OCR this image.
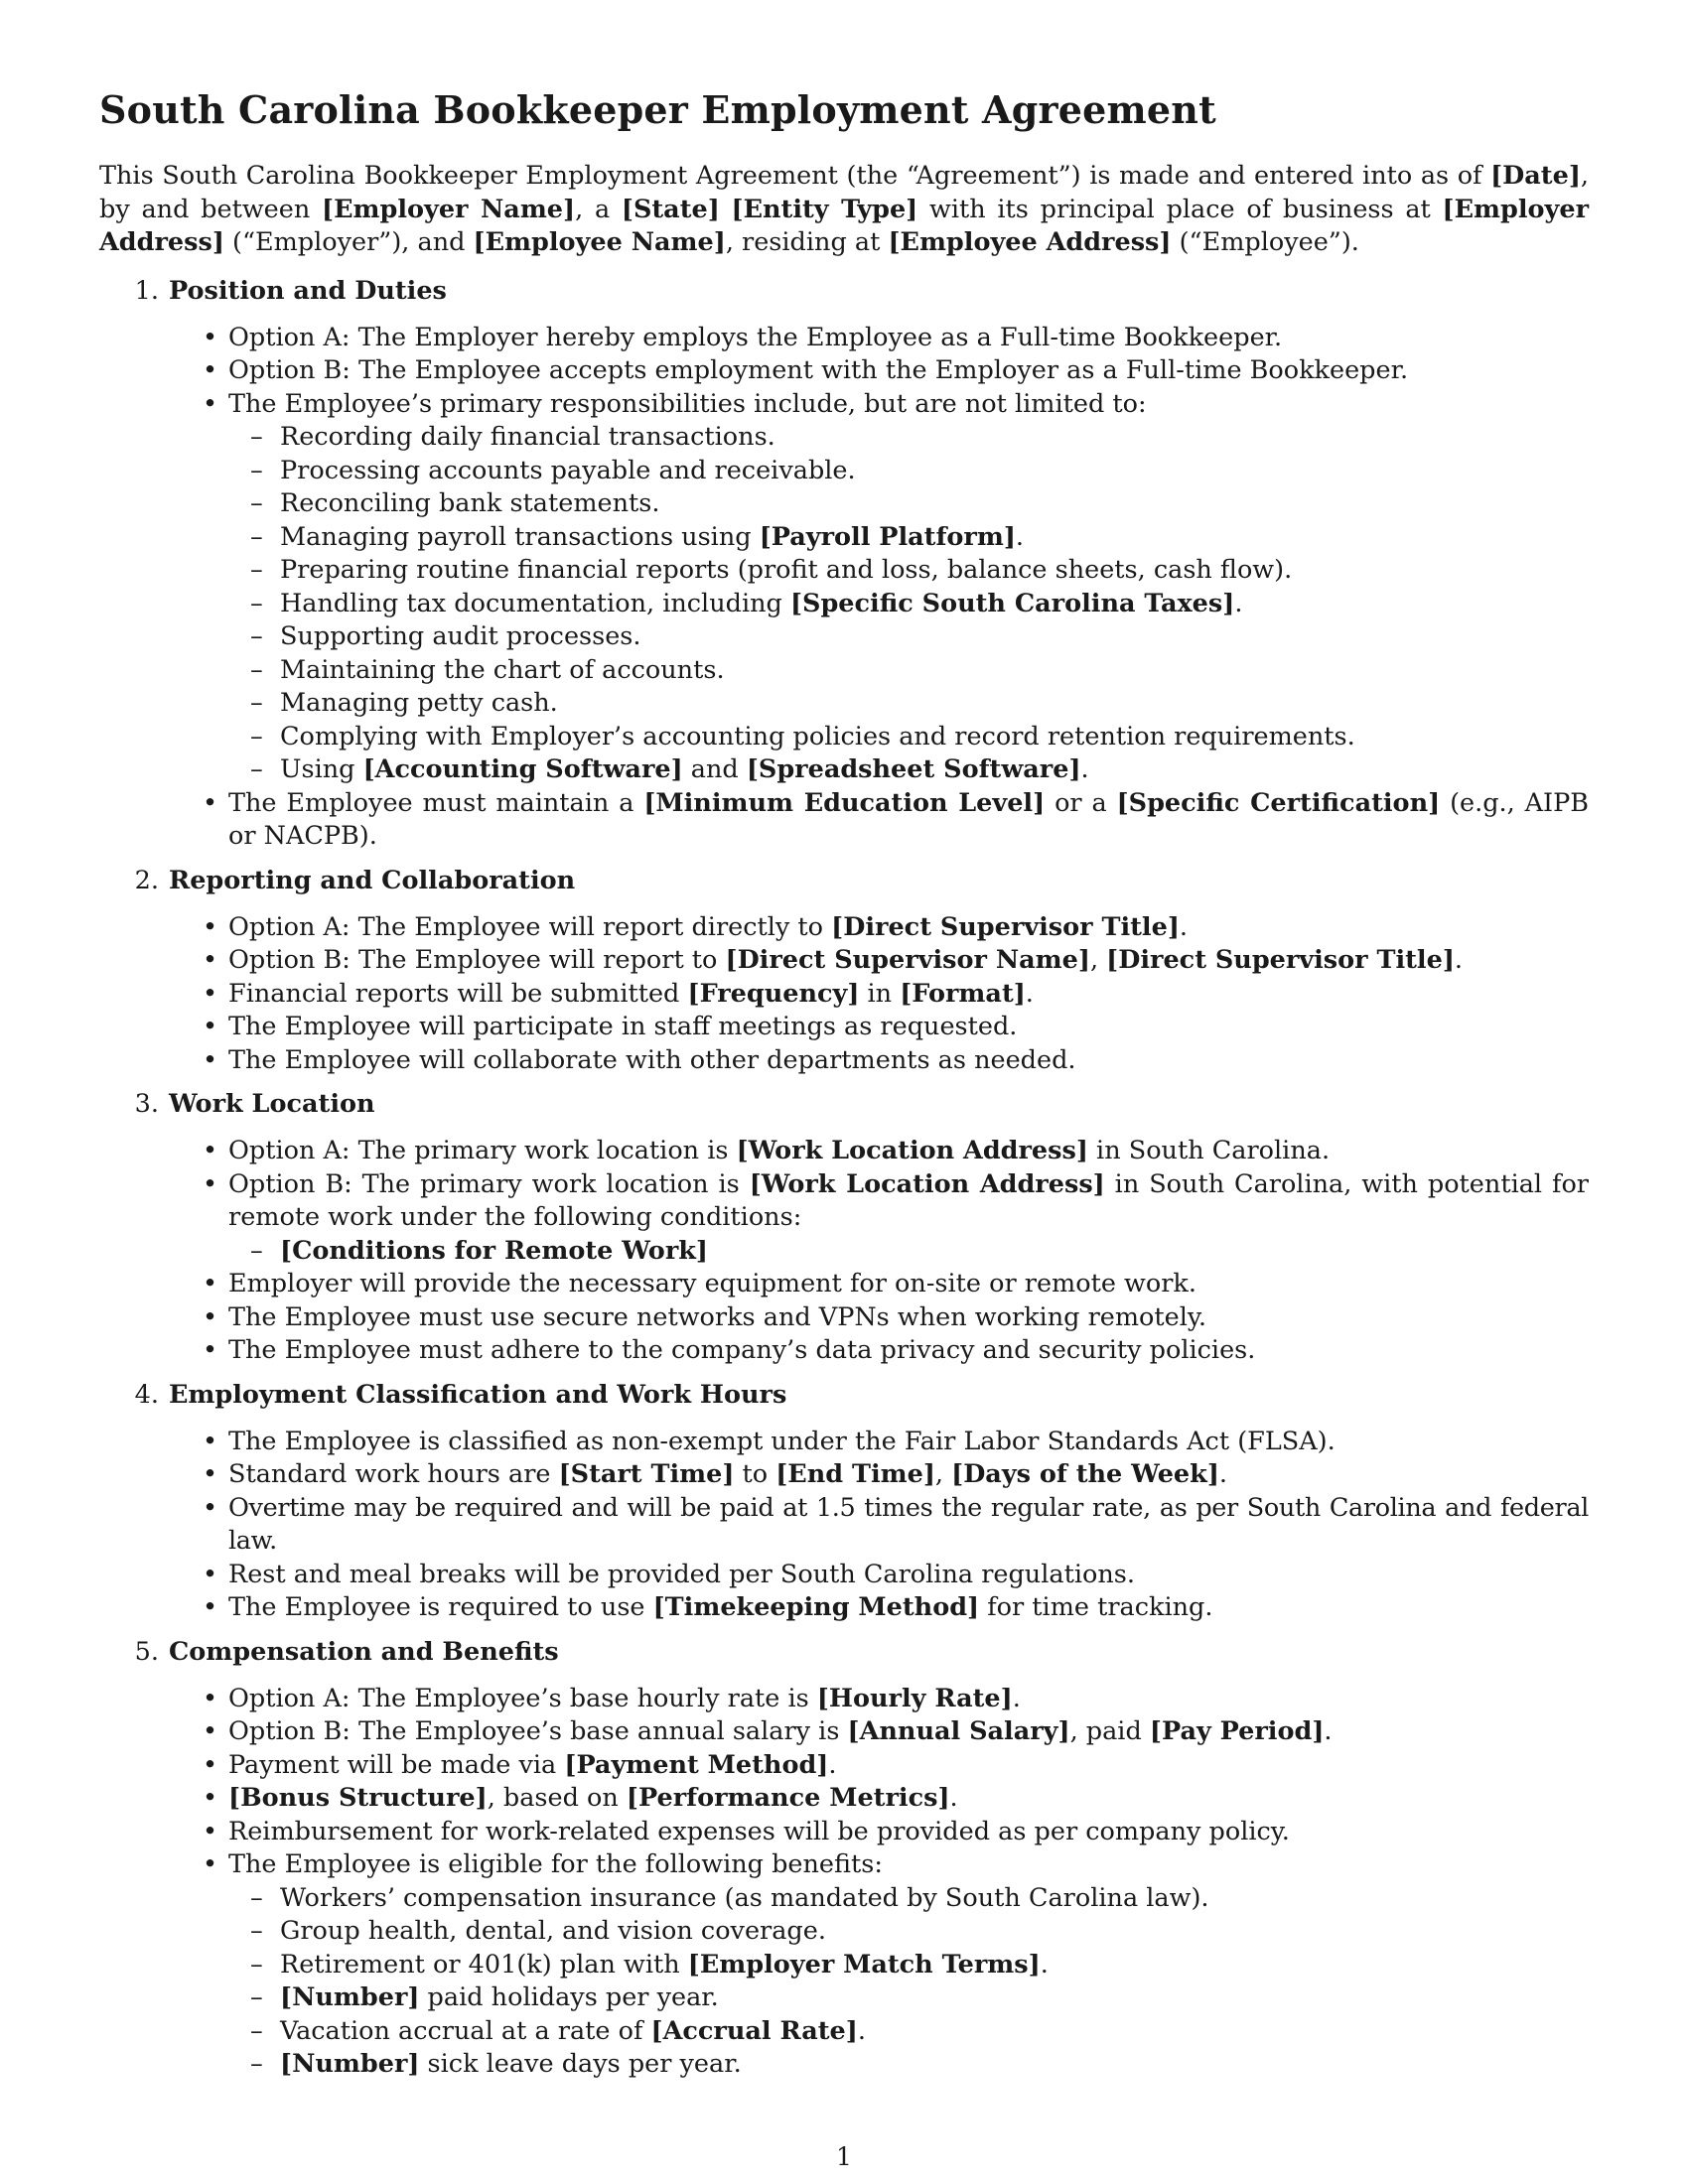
South Carolina Bookkeeper Employment Agreement

This South Carolina Bookkeeper Employment Agreement (the “Agreement”) is made and entered into as of [Date], by and between [Employer Name], a [State] [Entity Type] with its principal place of business at [Employer Address] (“Employer”), and [Employee Name], residing at [Employee Address] (“Employee”).

1. Position and Duties
• Option A: The Employer hereby employs the Employee as a Full-time Bookkeeper.
• Option B: The Employee accepts employment with the Employer as a Full-time Bookkeeper.
• The Employee’s primary responsibilities include, but are not limited to:
– Recording daily financial transactions.
– Processing accounts payable and receivable.
– Reconciling bank statements.
– Managing payroll transactions using [Payroll Platform].
– Preparing routine financial reports (profit and loss, balance sheets, cash flow).
– Handling tax documentation, including [Specific South Carolina Taxes].
– Supporting audit processes.
– Maintaining the chart of accounts.
– Managing petty cash.
– Complying with Employer’s accounting policies and record retention requirements.
– Using [Accounting Software] and [Spreadsheet Software].
• The Employee must maintain a [Minimum Education Level] or a [Specific Certification] (e.g., AIPB or NACPB).
2. Reporting and Collaboration
• Option A: The Employee will report directly to [Direct Supervisor Title].
• Option B: The Employee will report to [Direct Supervisor Name], [Direct Supervisor Title].
• Financial reports will be submitted [Frequency] in [Format].
• The Employee will participate in staff meetings as requested.
• The Employee will collaborate with other departments as needed.
3. Work Location
• Option A: The primary work location is [Work Location Address] in South Carolina.
• Option B: The primary work location is [Work Location Address] in South Carolina, with potential for remote work under the following conditions:
– [Conditions for Remote Work]
• Employer will provide the necessary equipment for on-site or remote work.
• The Employee must use secure networks and VPNs when working remotely.
• The Employee must adhere to the company’s data privacy and security policies.
4. Employment Classification and Work Hours
• The Employee is classified as non-exempt under the Fair Labor Standards Act (FLSA).
• Standard work hours are [Start Time] to [End Time], [Days of the Week].
• Overtime may be required and will be paid at 1.5 times the regular rate, as per South Carolina and federal law.
• Rest and meal breaks will be provided per South Carolina regulations.
• The Employee is required to use [Timekeeping Method] for time tracking.
5. Compensation and Benefits
• Option A: The Employee’s base hourly rate is [Hourly Rate].
• Option B: The Employee’s base annual salary is [Annual Salary], paid [Pay Period].
• Payment will be made via [Payment Method].
• [Bonus Structure], based on [Performance Metrics].
• Reimbursement for work-related expenses will be provided as per company policy.
• The Employee is eligible for the following benefits:
– Workers’ compensation insurance (as mandated by South Carolina law).
– Group health, dental, and vision coverage.
– Retirement or 401(k) plan with [Employer Match Terms].
– [Number] paid holidays per year.
– Vacation accrual at a rate of [Accrual Rate].
– [Number] sick leave days per year.
1
